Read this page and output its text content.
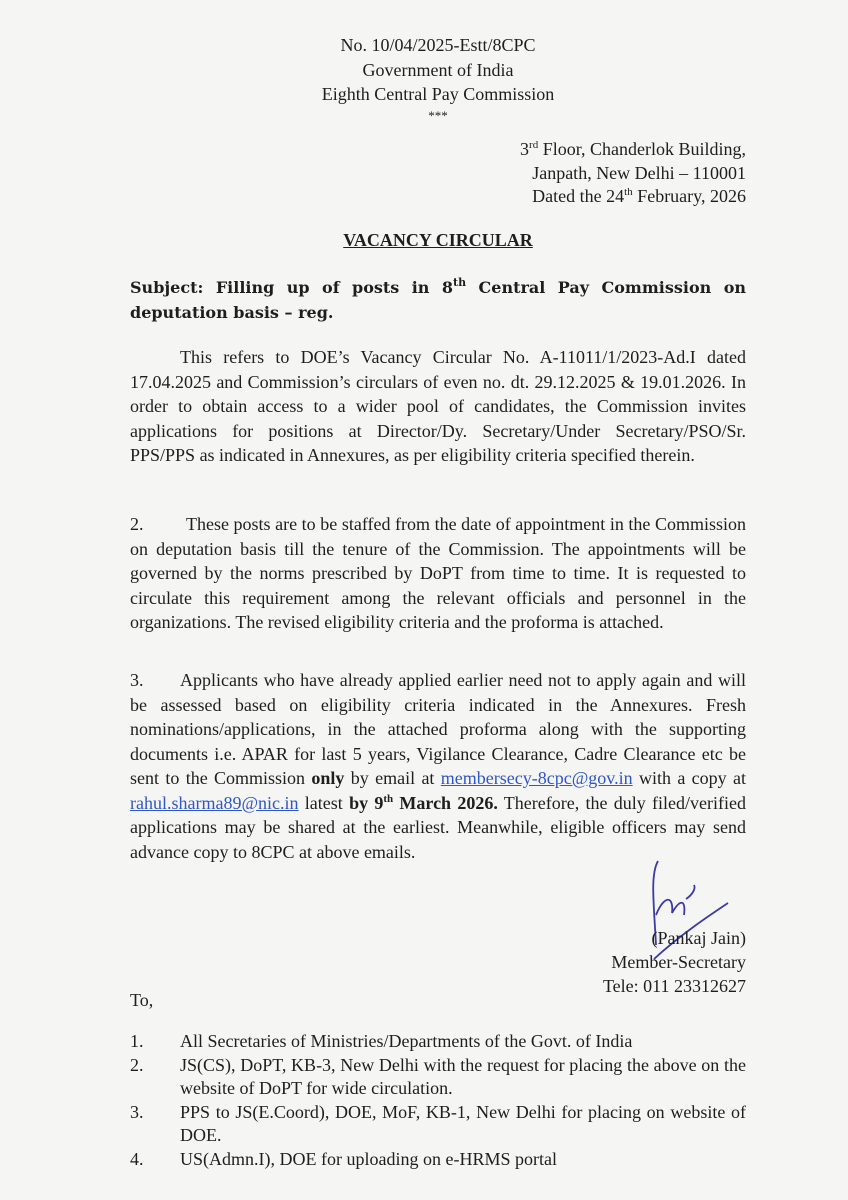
No. 10/04/2025-Estt/8CPC
Government of India
Eighth Central Pay Commission
***
3rd Floor, Chanderlok Building,
Janpath, New Delhi – 110001
Dated the 24th February, 2026
VACANCY CIRCULAR
Subject: Filling up of posts in 8th Central Pay Commission on deputation basis – reg.
This refers to DOE’s Vacancy Circular No. A-11011/1/2023-Ad.I dated 17.04.2025 and Commission’s circulars of even no. dt. 29.12.2025 & 19.01.2026. In order to obtain access to a wider pool of candidates, the Commission invites applications for positions at Director/Dy. Secretary/Under Secretary/PSO/Sr. PPS/PPS as indicated in Annexures, as per eligibility criteria specified therein.
2. These posts are to be staffed from the date of appointment in the Commission on deputation basis till the tenure of the Commission. The appointments will be governed by the norms prescribed by DoPT from time to time. It is requested to circulate this requirement among the relevant officials and personnel in the organizations. The revised eligibility criteria and the proforma is attached.
3. Applicants who have already applied earlier need not to apply again and will be assessed based on eligibility criteria indicated in the Annexures. Fresh nominations/applications, in the attached proforma along with the supporting documents i.e. APAR for last 5 years, Vigilance Clearance, Cadre Clearance etc be sent to the Commission only by email at membersecy-8cpc@gov.in with a copy at rahul.sharma89@nic.in latest by 9th March 2026. Therefore, the duly filed/verified applications may be shared at the earliest. Meanwhile, eligible officers may send advance copy to 8CPC at above emails.
(Pankaj Jain)
Member-Secretary
Tele: 011 23312627
To,
1.	All Secretaries of Ministries/Departments of the Govt. of India
2.	JS(CS), DoPT, KB-3, New Delhi with the request for placing the above on the website of DoPT for wide circulation.
3.	PPS to JS(E.Coord), DOE, MoF, KB-1, New Delhi for placing on website of DOE.
4.	US(Admn.I), DOE for uploading on e-HRMS portal
